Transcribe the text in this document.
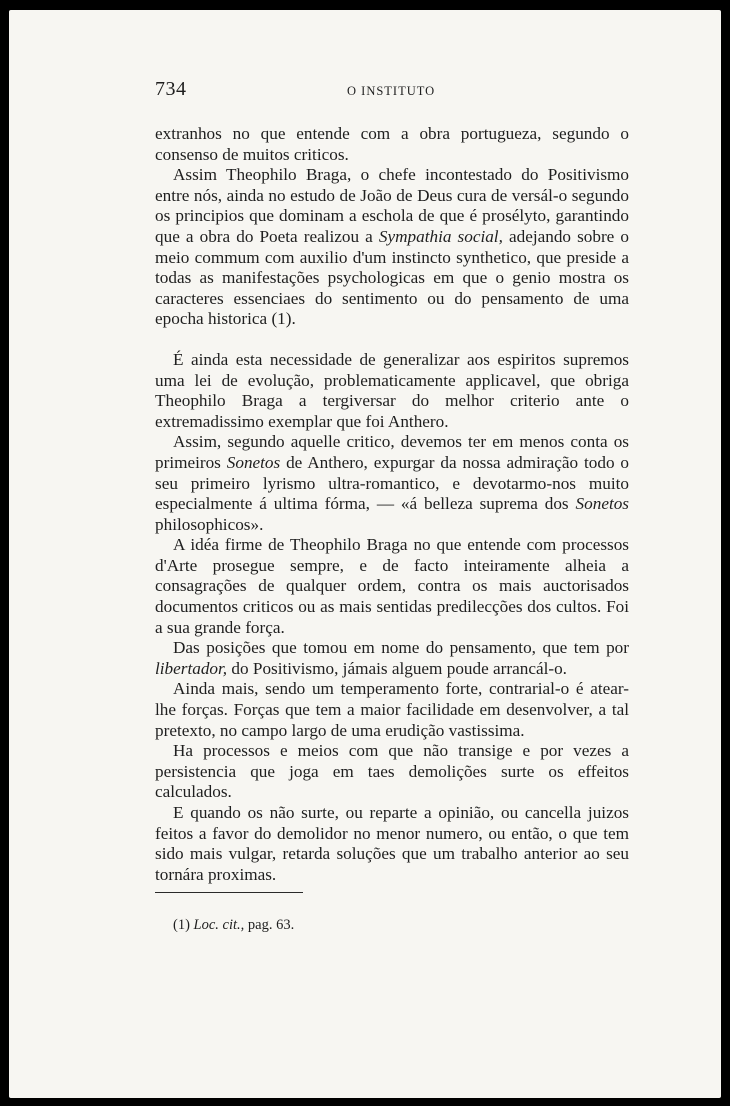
734	O INSTITUTO

extranhos no que entende com a obra portugueza, segundo o consenso de muitos criticos.

Assim Theophilo Braga, o chefe incontestado do Positivismo entre nós, ainda no estudo de João de Deus cura de versál-o segundo os principios que dominam a eschola de que é prosélyto, garantindo que a obra do Poeta realizou a Sympathia social, adejando sobre o meio commum com auxilio d'um instincto synthetico, que preside a todas as manifestações psychologicas em que o genio mostra os caracteres essenciaes do sentimento ou do pensamento de uma epocha historica (1).

É ainda esta necessidade de generalizar aos espiritos supremos uma lei de evolução, problematicamente applicavel, que obriga Theophilo Braga a tergiversar do melhor criterio ante o extremadissimo exemplar que foi Anthero.

Assim, segundo aquelle critico, devemos ter em menos conta os primeiros Sonetos de Anthero, expurgar da nossa admiração todo o seu primeiro lyrismo ultra-romantico, e devotarmo-nos muito especialmente á ultima fórma, — «á belleza suprema dos Sonetos philosophicos».

A idéa firme de Theophilo Braga no que entende com processos d'Arte prosegue sempre, e de facto inteiramente alheia a consagrações de qualquer ordem, contra os mais auctorisados documentos criticos ou as mais sentidas predilecções dos cultos. Foi a sua grande força.

Das posições que tomou em nome do pensamento, que tem por libertador, do Positivismo, jámais alguem poude arrancál-o.

Ainda mais, sendo um temperamento forte, contrarial-o é atear-lhe forças. Forças que tem a maior facilidade em desenvolver, a tal pretexto, no campo largo de uma erudição vastissima.

Ha processos e meios com que não transige e por vezes a persistencia que joga em taes demolições surte os effeitos calculados.

E quando os não surte, ou reparte a opinião, ou cancella juizos feitos a favor do demolidor no menor numero, ou então, o que tem sido mais vulgar, retarda soluções que um trabalho anterior ao seu tornára proximas.

(1) Loc. cit., pag. 63.
